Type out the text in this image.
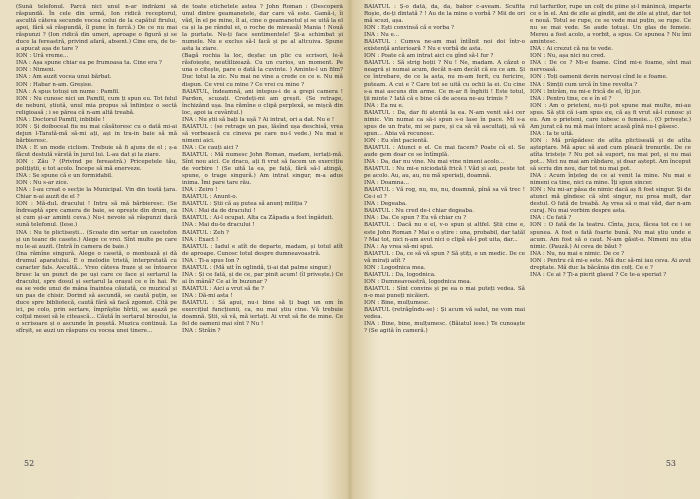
(Sună telefonul. Parcă nici unul n-ar îndrăzni să răspundă. În cele din urmă, Ion ridică receptorul, ascultă câteva secunde vocea celui de la capătul firului, apoi, fără să răspundă, îl pune în furcă.) De ce nu mai răspunzi ? (Ion ridică din umeri, aproape o figură și se duce la fereastră, privind afară, absent.) Cine era, de te-a apucat așa de tare ?

ION : Ură vreme...

INA : Așa spune chiar ea pe frumoasa ta. Cine era ?

ION : Nimeni.

INA : Am auzit vocea unui bărbat.

ION : Habar n-am. Greșise.

INA : A spus totuși un nume : Pamfil.

ION : Nu cunosc nici un Pamfil, cum ți spun eu. Tot felul de nebuni, știută, unul mia propus să înființez o sectă religioasă ; i se părea că n-am altă treabă.

INA : Doctorul Pamfil, inbibile !

ION : Și doiboceal fiu nu mai căsătoresc cu o dată mi-ai dejun l-Tarată-mă să-mi ați, ași in tra-in baie să mă bărbieresc.

INA : E un mode ciclism. Trebuie să fi ajuns de el ; ș-a făcut destulă vârstă în jurul lui. L-au dat și la ziare.

ION : Zău ? (Privind pe fereastră.) Pricepetele tău, polițiștii, e tot acolo. Începe să mă enerveze.

INA : Se spune că e un formidabil.

ION : Nu s-ar zice.

INA : I-au creat o secție la Municipal. Vin din toată țara. Chiar n-ai auzit de el ?

ION : Mă-duL dracului ! Intru să mă bărbieresc. (Se îndreaptă spre camera de baie, se oprește din drum, ca și cum și-ar aminti ceva.) Nu-i nevoie să răspunzi dacă sună telefonul. (Iese.)

INA : Nu te plictisești... (Scoate din sertar un casetofon și un teanc de casete.) Alege ce vrei. Sînt multe pe care nu le-ai auzit. (Intră în camera de baie.)

(Ina rămîne singură. Alege o casetă, o montează și dă drumul aparatului. E o melodie tristă, interpretată cu caracter fals. Ascultă... Vreo câteva fraze și se întoarce brusc la un punct de pe uși care ce face și sertarul la dracului, spre dosul și sertarul la orașul ce e în hai. Pe ea se vede unui de mâna înaintea căutată, ce muzical și un pas de chisir. Dorind să ascundă, se caută puțin, se duce spre bibliotecă, caută fără să facă zgomot. Cîtă pe ici, pe colo, prin sertare, împrăștie hîrtii, se așază pe colțul mesei să le citească... Căută în sertarul biroului, ia o scrisoare și o ascunde în poșetă. Muzica continuă. La sfîrșit, se auzi un răspuns cu vocea unei tinere...

de toate etichetele astea ? John Roman : (Descoperă unul dintre geamanetele, dar care vă este. Gamă-i, îi văd, în el pe mine, îl ai, cine o geamanetul și se uită la el ca și la pe rândul ei, o roche de mireasă) Mania ! Nouă la purtate. Nu-ți face sentimentele! Și-a schimbat și numele. Nu e exclus să-l facă și pe al altcuiva. Spune asta la ziare.

(Bagă rochia la loc, deșfac un plic cu scrisori, le-ă răsfoiește, neutîilizează. Cu un curios, un moment. Pe una o citește, pare o dată la cuvinte. ) Aminte-l un film? Duc totul la zic. Nu mai ne vine a crede ce ce e. Nu mă dispun. Ce vrei cu mine ? Ce vrei cu mine ?

BAIATUL, îndeamnă, ani intepus-i de a grepi camera ! Pardon, scuzați. Credeți-mi am greșit. (Se retrage, închizând ușa. Ina rămîne o clipă perplexă, se mișcă din loc, apoi ia cuvântul.)

INA : Nu știi să bați la ușă ? Ai intrat, ori a dat. Nu e !

BAIATUL : (se retrage un pas, lăsînd ușa deschisă, vrea să vorbească cu cineva pe care nu-l vede.) Nu mai e nimeni aici.

INA : Ce cauți aici ?

BAIATUL : Mă numesc John Roman, madam, iertați-mă. Sînt nou aici. Ce dracu, ați fi vrut să facem un exercițiu de vorbire ! (Se uită la ea, pe față, fără să-l atingă, spune, o trage singură.) Am intrat singur, m-a adus inima. Îmi pare tare rău.

INA : Zeiro !

BAIATUL : Anunt-o.

BAIATUL : Știi că aș putea să anunț miliția ?

INA : Mai da de dracului !

BAIATUL : Ai-l ocupat. Alta ca Zăpada a fost îngăduit.

INA : Mai du-te dracului !

BAIATUL : Zeh ?

INA : Exact !

BAIATUL : Iadul e atît de departe, madam, și totul atît de aproape. Cunosc totul despre dumneavoastră.

INA : Ți-a spus Ion ?

BAIATUL : (Mă uit în oglindă, ți-ai dat palme singur.)

INA : Și ce fată, și de ce, par pinit acum! (îl privește.) Ce ai în mână? Ce ai în buzunar ?

BAIATUL : Aici a vrut să fie ?

INA : Dă-mi asta !

BAIATUL : Să apui, nu-i bine să ți bagi un om în exercițiul funcțiunii, ca, nu mai știu cine. Vă trebuie doamnă. Știi, să vă, mă iertați. Ai vrut să fie de mine. Ce fel de oameni mai sînt ? Nu !

INA : Străin ?

52

BAIATUL : Ș-o dată, da, da, babor c-aveam. Scufita Roșie, de-ți dintată ? ! Au de la mine o vorbă ? Mii de ori mă scuzi, așa.

ION : Ești convinsă că e vorba ?

INA : Nu e...

BAIATUL : Cumva ne-am mai întîlnit noi doi într-o existență anterioară ? Nu e vorbă de asta.

ION : Poate că am intrat aici cu gînd să-l fur ?

BAIATUL : Să strig hoții ? Nu ! Ne, madam. A căzut o neagră și numai acum, decât n-am decât că eu ce am. Și ce întrebare, de ce la asta, nu m-am ferit, cu fericire, puteam. A cui e ? Care tot se uită cu ochii la ei. Cu cine s-a mai ascuns din arme. Ce m-ar fi înghiti ! Este totul, ții minte ? Iată că e bine că de aceea ne-au trimis ?

INA : Ea nu e.

BAIATUL : Da, dar fii atentă la ea. N-am venit să-i cer nimic. Vin numai ca să-i spun s-o lase în pace. Mi s-a spus de un frate, mi se pare, și ca să vă ascultați, să vă spun... Abia vă recunosc.

ION : Eu sînt pacientă.

BAIATUL : Atunci e el. Ce mai facem? Poate că el. Se aude gem doar ce se întîmplă.

INA : Da, dar nu vine. Nu mai vine nimeni acolo...

BAIATUL : Nu mi-e niciodată frică ! Văd și azi, peste tot pe acolo. Au, au, au, nu mă speriați, doamnă.

INA : Doamna...

BAIATUL : Vă rog, nu, nu, nu, doamnă, pînă sa vă trec ! Ce-i el ?

INA : Degeaba.

BAIATUL : Nu cred de-i chiar degeaba.

INA : Da. Ce spun ? Eu vă chiar cu ?

BAIATUL : Dacă nu e el, v-o spun și altfel. Știi cine e, este John Roman ? Mai e o știre : una, probabil, dar tatăl ? Mai tot, nici n-am avut nici o clipă să-l pot uita, dar...

INA : Aș vrea să-mi spui.

BAIATUL : Da, ce să vă spun ? Să știți, e un medic. De ce vă mirați atît ?

ION : Logodnica mea.

BAIATUL : Da, logodnica.

ION : Dumneavoastră, logodnica mea.

BAIATUL : Sînt convins și pe ea o mai puteți vedea. Să n-o mai puneți nicăieri.

ION : Bine, mulțumesc.

BAIATUL (retrăgîndu-se) : Și acum vă salut, ne vom mai vedea.

INA : Bine, bine, mulțumesc. (Băiatul iese.) Te cunoaște ? (Se agită în cameră.)

rul tarfurilor, rupe un colț de pîine și-l mănîncă, imparte ce e în el. Ani de zile ai gîndit, ani de zile ai știut, dar tot e nouă. Totul se rupe, ce se vede mai puțin, se rupe. Ce nu se mai vede. Se aude totuși. Un glas de femeie. Mereu a fost acolo, a vorbit, a spus. Ce spunea ? Nu îmi amintesc.

INA : Ai crezut că nu te vede.

ION : Nu, așa nici nu cred.

INA : De ce ? Mi-e foame. Cînd mi-e foame, sînt mai nervoasă.

ION : Toți oamenii devin nervoși cînd le e foame.

INA : Simții cum urcă în tine revolta ?

ION : Intrăm, nu mi-e frică de el, îți jur.

INA : Pentru tine, ce e în el ?

ION : Am o prieteni, nu-ți pot spune mai multe, mi-au spus. Să știi că i-am spus eu, că aș fi vrut să-l cunosc și eu. Am o prieteni, care iubesc o femeie... (O privește.) Am jurat că nu mă mai întorc acasă pînă nu-l găsesc.

INA : Ia te uită.

ION : Mă prăpădesc de atîta plictiseală și de atîta așteptare. Mă apuc să aud cum pleacă trenurile. De ce atîta tristețe ? Nu pot să suport, nu mai pot, și nu mai pot... Nici nu mai am răbdare, și doar aștept. Am început să scriu din nou, dar tot nu mai pot.

INA : Acum înțeleg de ce ai venit la mine. Nu mai e nimeni ca tine, nici ca mine. Îți spun sincer.

ION : Nu mi-ar păsa de nimic dacă aș fi fost singur. Și de atunci mă gîndesc că sînt singur, nu prea mult, dar destul. O fată de treabă. Aș vrea să o mai văd, dar n-am curaj. Nu mai vorbim despre asta.

INA : Ce fată ?

ION : O fată de la teatru. Cînta, juca, făcea tot ce i se spunea. A fost o fată foarte bună. Nu mai știu unde e acum. Am fost să o caut. N-am găsit-o. Nimeni nu știa nimic. (Pauză.) Ai ceva de băut ?

INA : Nu, nu mai e nimic. De ce ?

ION : Pentru că mi-e sete. Mă duc să-mi iau ceva. Ai avut dreptate. Mă duc la băcănia din colț. Ce e ?

INA : Ce ai ? Ți-a pierit glasul ? Ce te-a speriat ?

53
